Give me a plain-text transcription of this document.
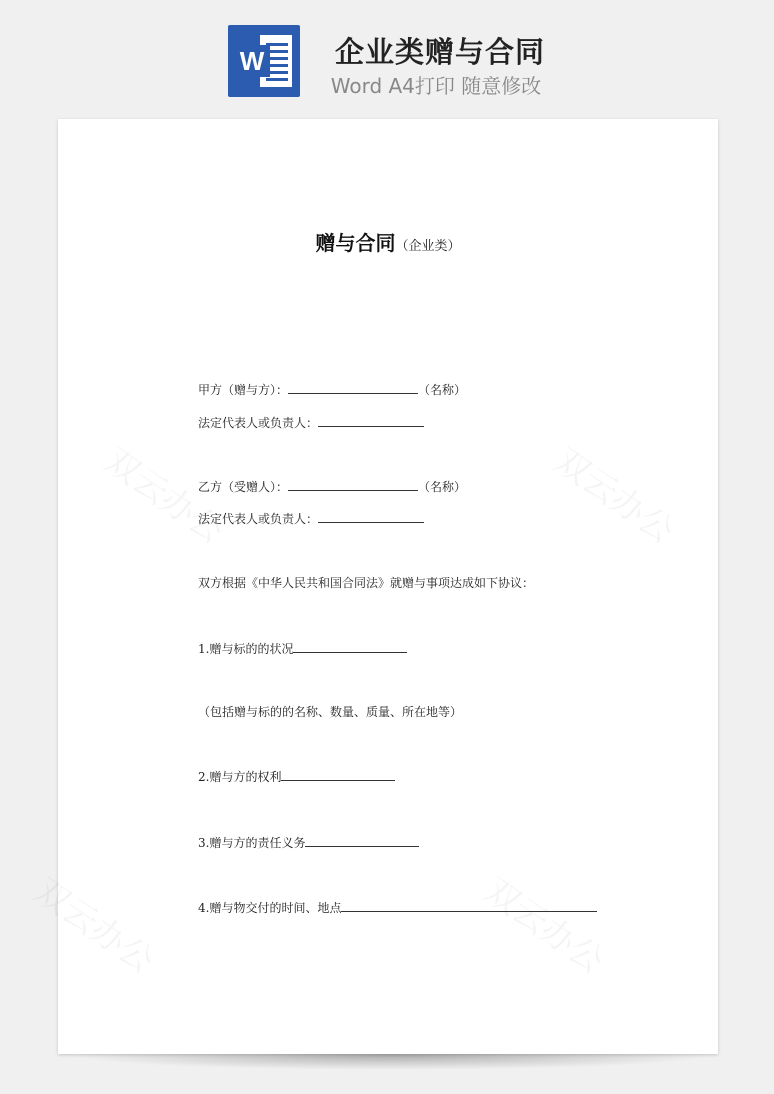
W	企业类赠与合同
Word A4打印 随意修改
赠与合同（企业类）
甲方（赠与方）：	（名称）
法定代表人或负责人：
乙方（受赠人）：	（名称）
法定代表人或负责人：
双方根据《中华人民共和国合同法》就赠与事项达成如下协议：
1.赠与标的的状况
（包括赠与标的的名称、数量、质量、所在地等）
2.赠与方的权利
3.赠与方的责任义务
4.赠与物交付的时间、地点
